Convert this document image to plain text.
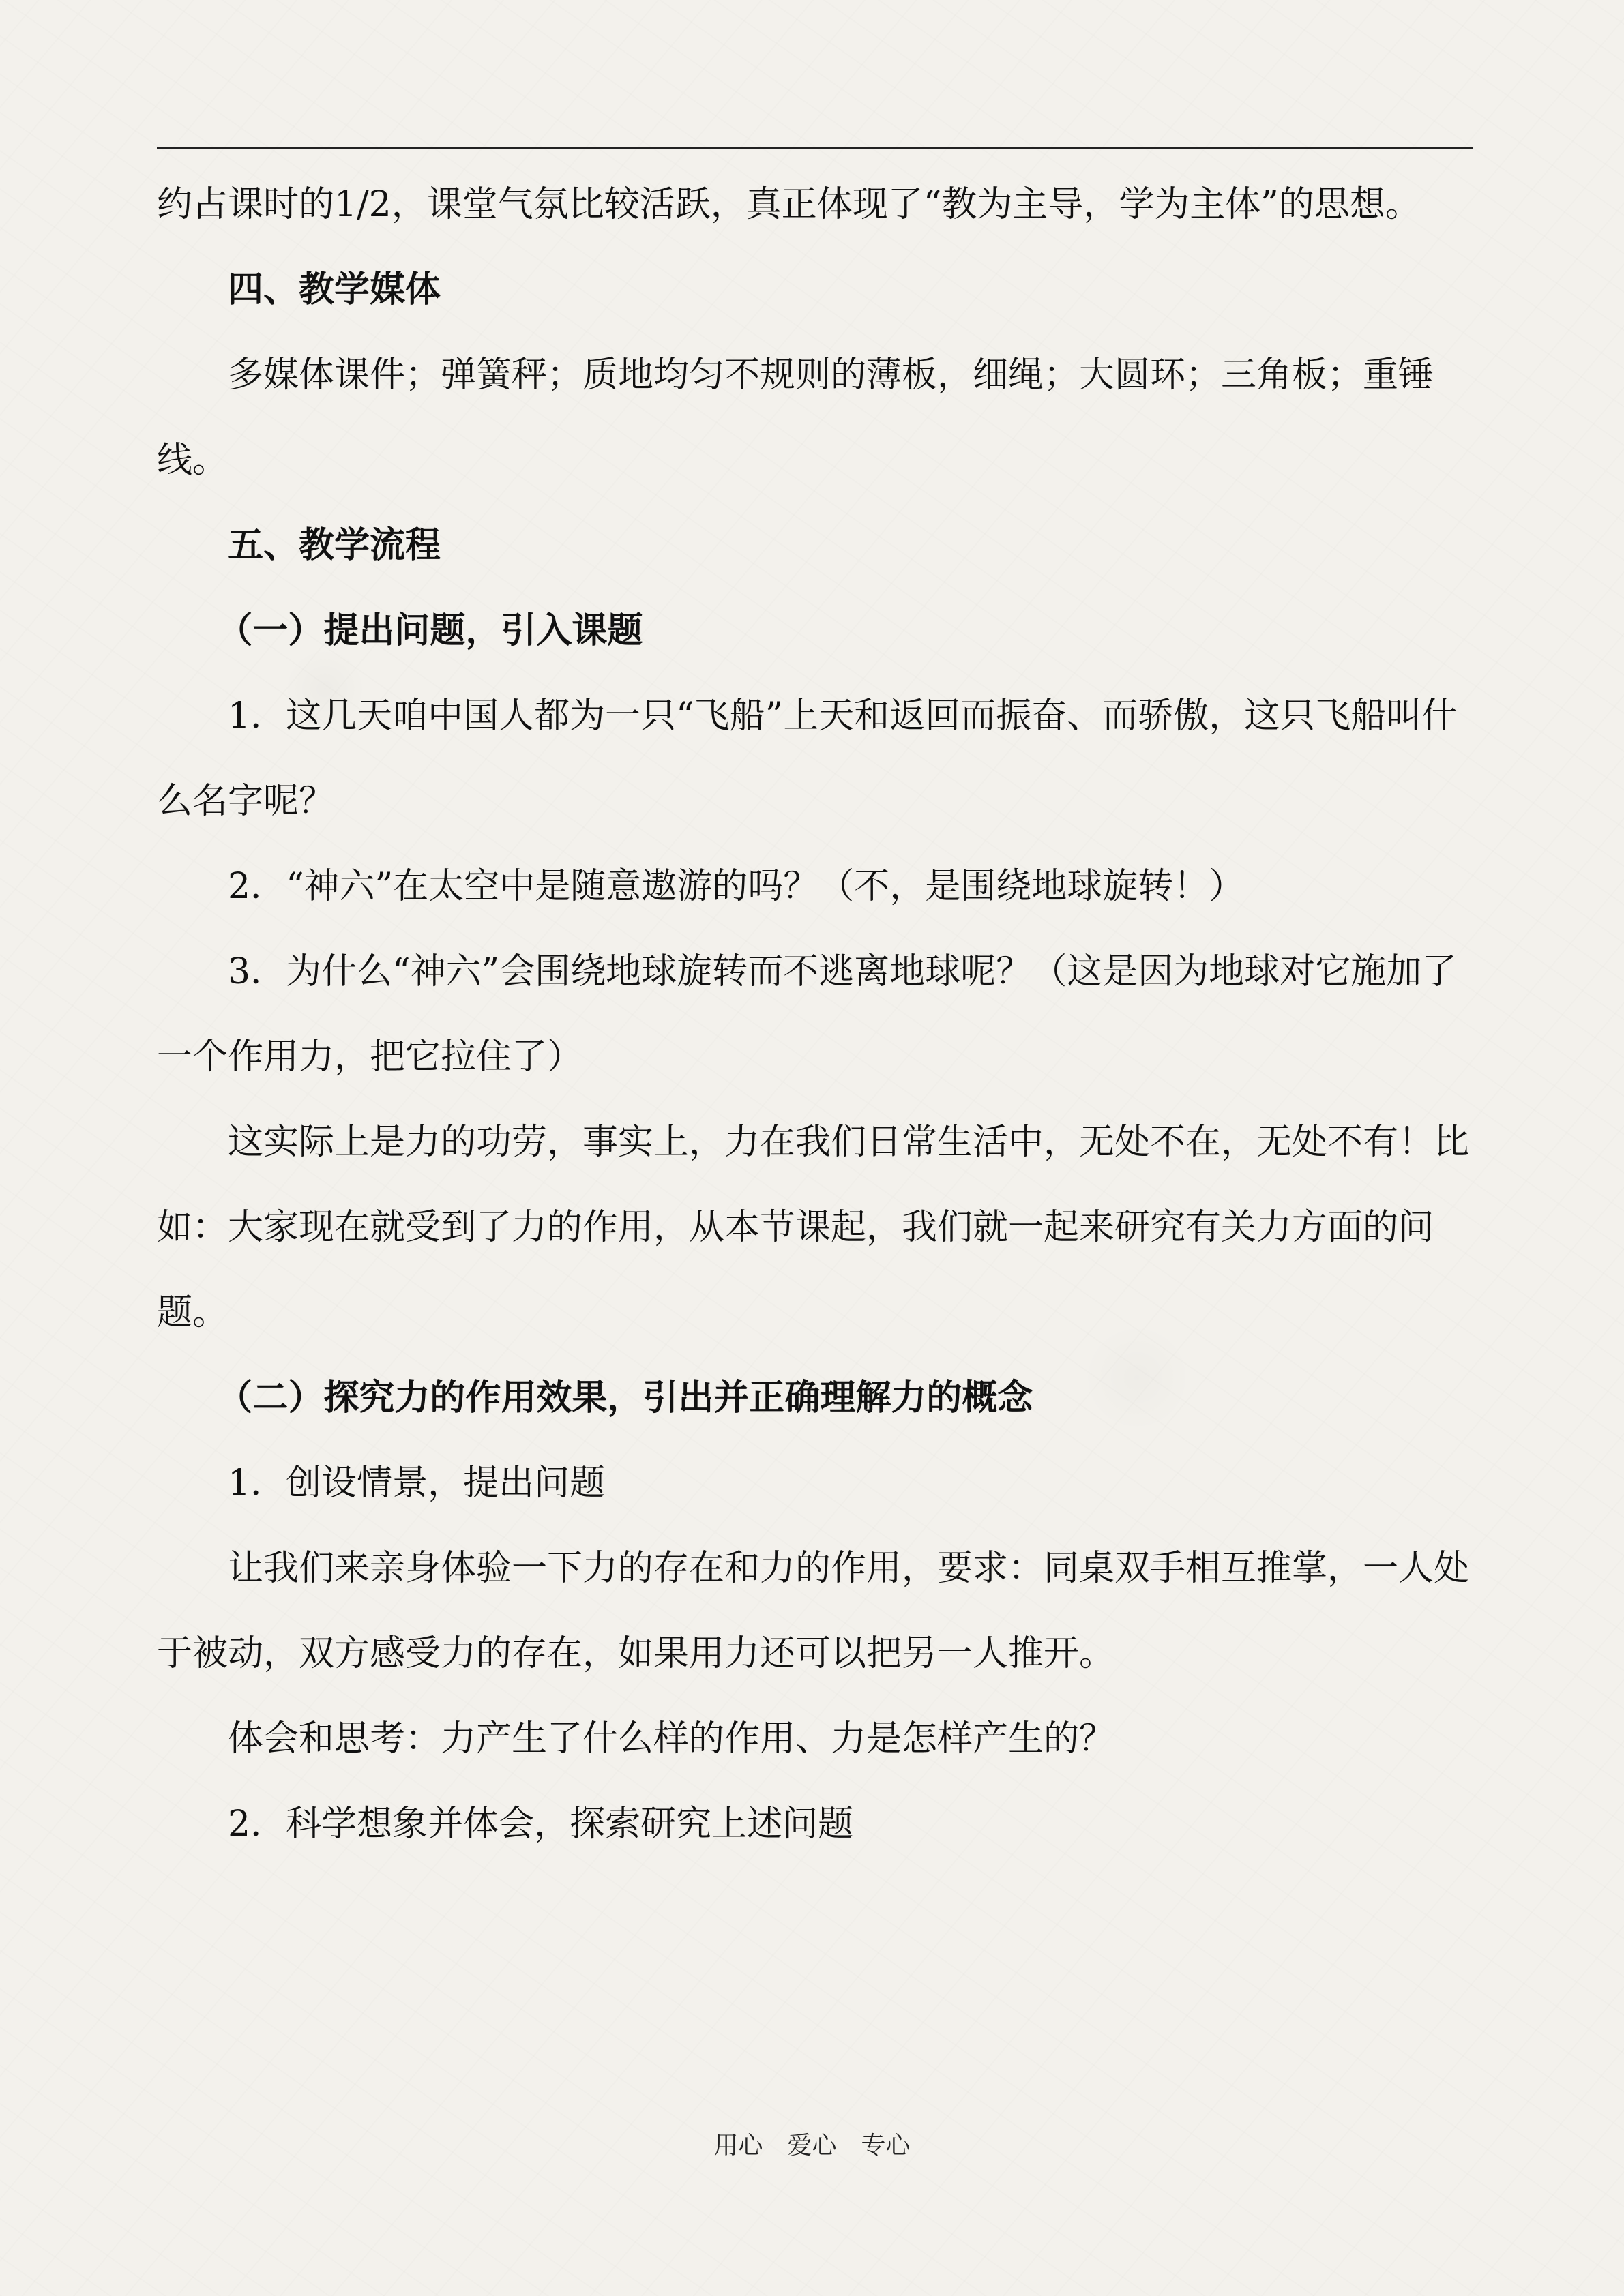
约占课时的1/2，课堂气氛比较活跃，真正体现了“教为主导，学为主体”的思想。

四、教学媒体

多媒体课件；弹簧秤；质地均匀不规则的薄板，细绳；大圆环；三角板；重锤线。

五、教学流程

（一）提出问题，引入课题

1．这几天咱中国人都为一只“飞船”上天和返回而振奋、而骄傲，这只飞船叫什么名字呢？

2．“神六”在太空中是随意遨游的吗？（不，是围绕地球旋转！）

3．为什么“神六”会围绕地球旋转而不逃离地球呢？（这是因为地球对它施加了一个作用力，把它拉住了）

这实际上是力的功劳，事实上，力在我们日常生活中，无处不在，无处不有！比如：大家现在就受到了力的作用，从本节课起，我们就一起来研究有关力方面的问题。

（二）探究力的作用效果，引出并正确理解力的概念

1．创设情景，提出问题

让我们来亲身体验一下力的存在和力的作用，要求：同桌双手相互推掌，一人处于被动，双方感受力的存在，如果用力还可以把另一人推开。

体会和思考：力产生了什么样的作用、力是怎样产生的？

2．科学想象并体会，探索研究上述问题

用心　爱心　专心
